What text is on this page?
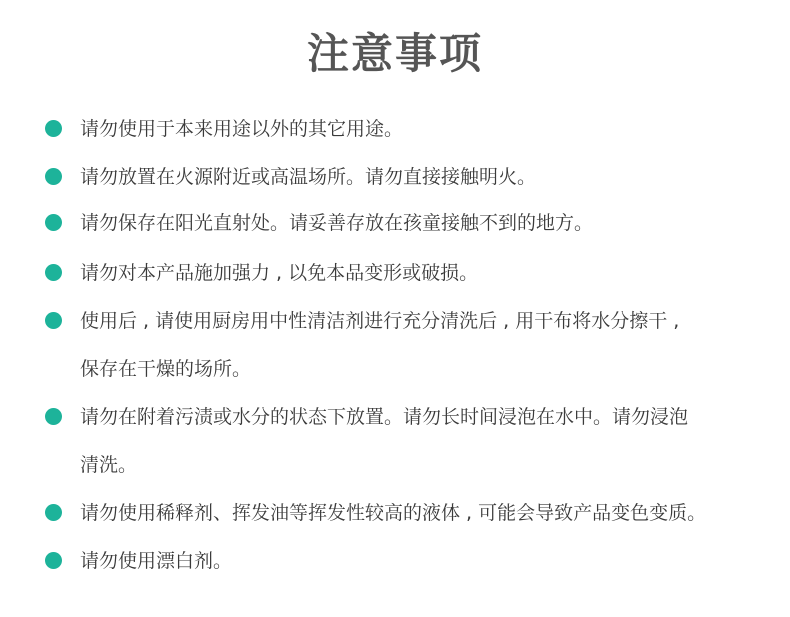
注意事项
请勿使用于本来用途以外的其它用途。
请勿放置在火源附近或高温场所。请勿直接接触明火。
请勿保存在阳光直射处。请妥善存放在孩童接触不到的地方。
请勿对本产品施加强力 , 以免本品变形或破损。
使用后 , 请使用厨房用中性清洁剂进行充分清洗后 , 用干布将水分擦干 ,
保存在干燥的场所。
请勿在附着污渍或水分的状态下放置。请勿长时间浸泡在水中。请勿浸泡
清洗。
请勿使用稀释剂、挥发油等挥发性较高的液体 , 可能会导致产品变色变质。
请勿使用漂白剂。
